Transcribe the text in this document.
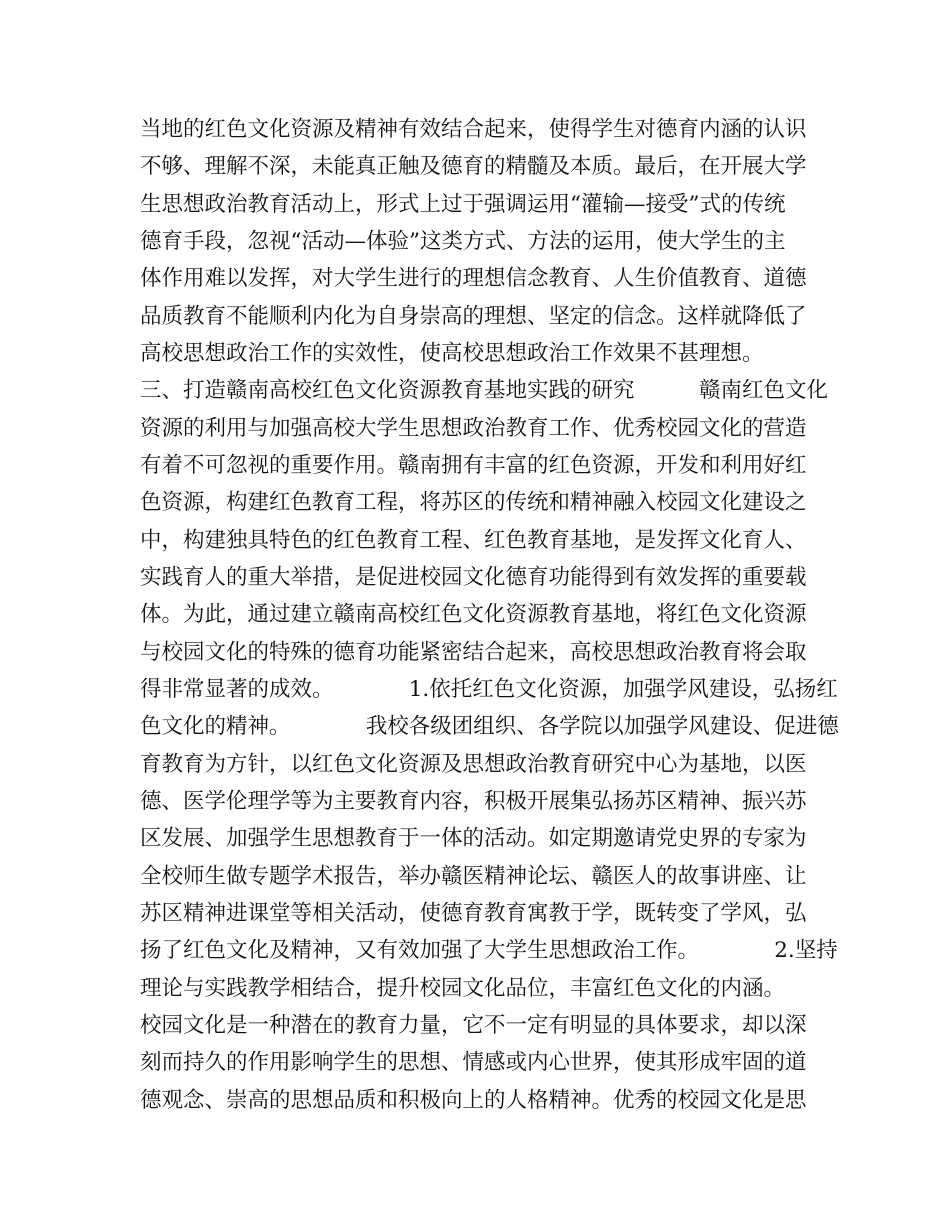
当地的红色文化资源及精神有效结合起来，使得学生对德育内涵的认识
不够、理解不深，未能真正触及德育的精髓及本质。最后，在开展大学
生思想政治教育活动上，形式上过于强调运用“灌输—接受”式的传统
德育手段，忽视“活动—体验”这类方式、方法的运用，使大学生的主
体作用难以发挥，对大学生进行的理想信念教育、人生价值教育、道德
品质教育不能顺利内化为自身崇高的理想、坚定的信念。这样就降低了
高校思想政治工作的实效性，使高校思想政治工作效果不甚理想。
三、打造赣南高校红色文化资源教育基地实践的研究　　　赣南红色文化
资源的利用与加强高校大学生思想政治教育工作、优秀校园文化的营造
有着不可忽视的重要作用。赣南拥有丰富的红色资源，开发和利用好红
色资源，构建红色教育工程，将苏区的传统和精神融入校园文化建设之
中，构建独具特色的红色教育工程、红色教育基地，是发挥文化育人、
实践育人的重大举措，是促进校园文化德育功能得到有效发挥的重要载
体。为此，通过建立赣南高校红色文化资源教育基地，将红色文化资源
与校园文化的特殊的德育功能紧密结合起来，高校思想政治教育将会取
得非常显著的成效。　　　　1.依托红色文化资源，加强学风建设，弘扬红
色文化的精神。　　　　我校各级团组织、各学院以加强学风建设、促进德
育教育为方针，以红色文化资源及思想政治教育研究中心为基地，以医
德、医学伦理学等为主要教育内容，积极开展集弘扬苏区精神、振兴苏
区发展、加强学生思想教育于一体的活动。如定期邀请党史界的专家为
全校师生做专题学术报告，举办赣医精神论坛、赣医人的故事讲座、让
苏区精神进课堂等相关活动，使德育教育寓教于学，既转变了学风，弘
扬了红色文化及精神，又有效加强了大学生思想政治工作。　　　　2.坚持
理论与实践教学相结合，提升校园文化品位，丰富红色文化的内涵。
校园文化是一种潜在的教育力量，它不一定有明显的具体要求，却以深
刻而持久的作用影响学生的思想、情感或内心世界，使其形成牢固的道
德观念、崇高的思想品质和积极向上的人格精神。优秀的校园文化是思
